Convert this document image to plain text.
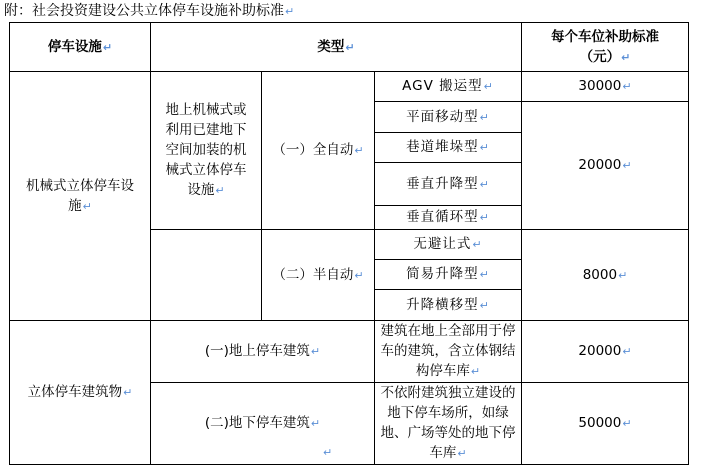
附：社会投资建设公共立体停车设施补助标准↵
停车设施↵	类型↵			每个车位补助标准（元）↵
机械式立体停车设施↵	地上机械式或利用已建地下空间加装的机械式立体停车设施↵	（一）全自动↵	AGV 搬运型↵	30000↵
			平面移动型↵	20000↵
			巷道堆垛型↵	
			垂直升降型↵	
			垂直循环型↵	
		（二）半自动↵	无避让式↵	8000↵
			简易升降型↵	
			升降横移型↵	
立体停车建筑物↵	(一)地上停车建筑↵		建筑在地上全部用于停车的建筑，含立体钢结构停车库↵	20000↵
	(二)地下停车建筑↵		不依附建筑独立建设的地下停车场所，如绿地、广场等处的地下停车库↵	50000↵
↵
